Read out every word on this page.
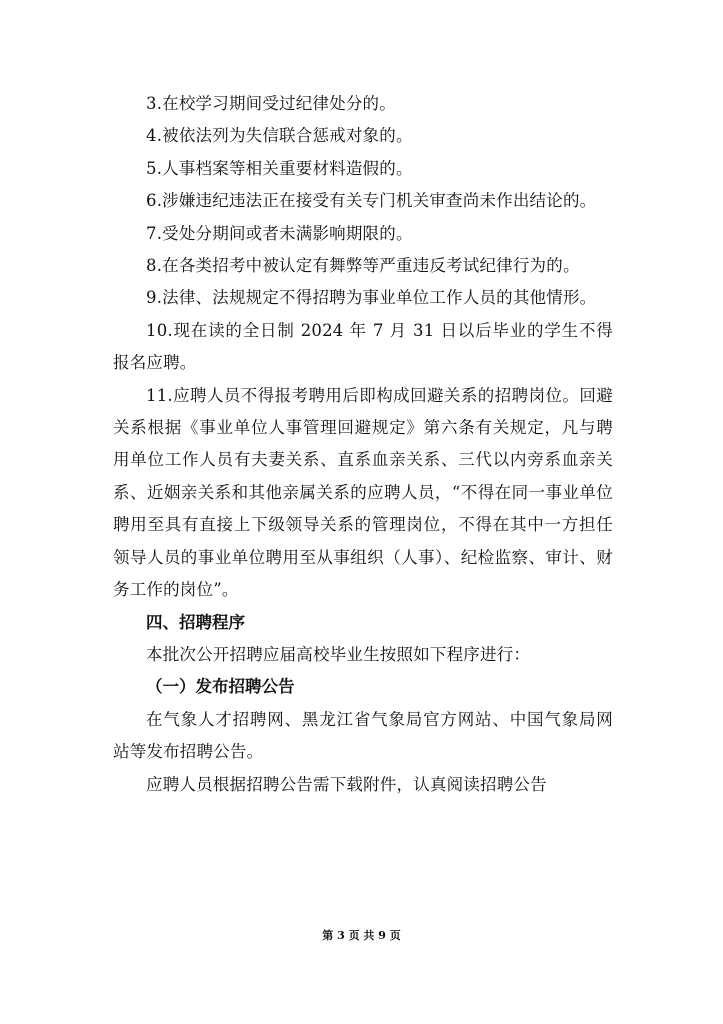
3.在校学习期间受过纪律处分的。

4.被依法列为失信联合惩戒对象的。

5.人事档案等相关重要材料造假的。

6.涉嫌违纪违法正在接受有关专门机关审查尚未作出结论的。

7.受处分期间或者未满影响期限的。

8.在各类招考中被认定有舞弊等严重违反考试纪律行为的。

9.法律、法规规定不得招聘为事业单位工作人员的其他情形。

10.现在读的全日制 2024 年 7 月 31 日以后毕业的学生不得报名应聘。

11.应聘人员不得报考聘用后即构成回避关系的招聘岗位。回避关系根据《事业单位人事管理回避规定》第六条有关规定，凡与聘用单位工作人员有夫妻关系、直系血亲关系、三代以内旁系血亲关系、近姻亲关系和其他亲属关系的应聘人员，“不得在同一事业单位聘用至具有直接上下级领导关系的管理岗位，不得在其中一方担任领导人员的事业单位聘用至从事组织（人事）、纪检监察、审计、财务工作的岗位”。

四、招聘程序

本批次公开招聘应届高校毕业生按照如下程序进行：

（一）发布招聘公告

在气象人才招聘网、黑龙江省气象局官方网站、中国气象局网站等发布招聘公告。

应聘人员根据招聘公告需下载附件，认真阅读招聘公告

第 3 页 共 9 页
